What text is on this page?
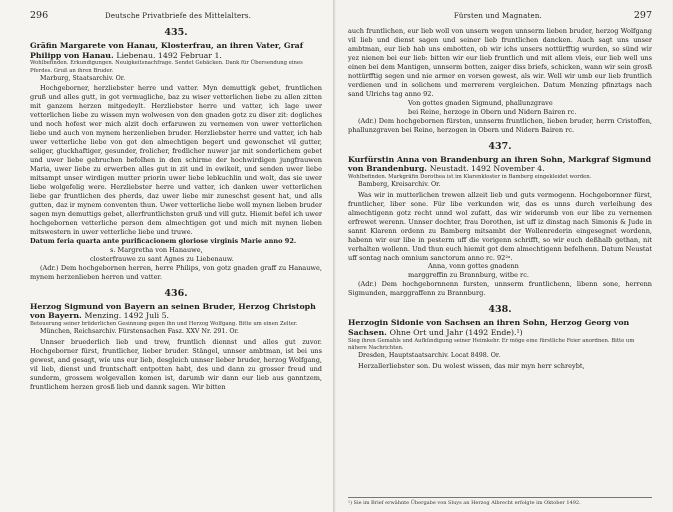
296	Deutsche Privatbriefe des Mittelalters.
435.

Gräfin Margarete von Hanau, Klosterfrau, an ihren Vater, Graf Philipp von Hanau. Liebenau. 1492 Februar 1.

Wohlbefinden. Erkundigungen. Neuigkeitsnachfrage. Sendet Gebäcken. Dank für Übersendung eines Pferdes. Gruß an ihren Bruder.

Marburg, Staatsarchiv. Or.

Hochgeborner, herzliebster herre und vatter. Myn demuttigk gebet, fruntlichen gruß und alles gutt, in got vermugliche, baz zu wiser vetterlichen liebe zu allen zitten mit ganzem herzen mitgedeylt. Herzliebster herre und vatter, ich lage uwer vetterlichen liebe zu wissen myn wolwesen von den gnaden gotz zu diser zit: dogliches und noch hofest wer mich alzit doch erfaruwen zu vernemen von uwer vetterlichen liebe und auch von mynem herzenlieben bruder. Herzliebster herre und vatter, ich hab uwer vetterliche liebe von got den almechtigen begert und gewonschet vil gutter, seliger, gluckhaftiger, gesunder, frolicher, fredlicher nuwer jar mit sonderlichem gebet und uwer liebe gebruchen befolhen in den schirme der hochwirdigen jungfrauwen Maria, uwer liebe zu erwerben alles gut in zit und in ewikeit, und senden uwer liebe mitsampt unser wirdigen mutter priorin uwer liebe lebkuchlin und wolt, das sie uwer liebe wolgefelig were. Herzliebster herre und vatter, ich danken uwer vetterlichen liebe gar fruntlichen des pherds, daz uwer liebe mir zuneschst gesent hat, und alls gutten, daz ir mynem conventen thun. Uwer vetterliche liebe woll mynen lieben bruder sagen myn demuttigs gebet, allerfruntlichsten gruß und vill gutz. Hiemit befel ich uwer hochgebornen vetterliche person dem almechtigen got und mich mit mynen lieben mitswestern in uwer vetterliche liebe und truwe.

Datum feria quarta ante purificacionem gloriose virginis Marie anno 92.

s. Margretha von Hanauwe,

closterfrauwe zu sant Agnes zu Liebenauw.

(Adr.) Dem hochgebornen herren, herre Philips, von gotz gnaden graff zu Hanauwe, mynem herzenlieben herren und vatter.

436.

Herzog Sigmund von Bayern an seinen Bruder, Herzog Christoph von Bayern. Menzing. 1492 Juli 5.

Beteuerung seiner brüderlichen Gesinnung gegen ihn und Herzog Wolfgang. Bitte um einen Zelter.

München, Reichsarchiv. Fürstensachen Fasz. XXV Nr. 291. Or.

Unnser bruederlich lieb und trew, fruntlich diennst und alles gut zuvor. Hochgeborner fürst, fruntlicher, lieber bruder. Stängel, unnser ambtman, ist bei uns gewest, and gesagt, wie uns eur lieb, desgleich unnser lieber bruder, herzog Wolfgang, vil lieb, dienst und fruntschaft entpotten habt, des und dann zu grosser freud und sunderm, grossem wolgevallen komen ist, darumb wir dann eur lieb aus ganntzem, fruntlichem herzen grosß lieb und dannk sagen. Wir bitten

Fürsten und Magnaten.	297

auch fruntlichen, eur lieb woll von unsern wegen unnserm lieben bruder, herzog Wolfgang vil lieb und dienst sagen und seiner lieb fruntlichen dancken. Auch sagt uns unser ambtman, eur lieb hab uns embotten, ob wir ichs unsers nottürfftig wurden, so sünd wir yez nienen bei eur lieb: bitten wir eur lieb fruntlich und mit allem vleis, eur lieb well uns einen bei dem Mantigen, unnserm botten, zaiger diss briefs, schicken, wann wir sein grosß nottürfftig segen und nie armer en vorsen gewest, als wir. Well wir umb eur lieb fruntlich verdienen und in solichem und merrerem vergleichen. Datum Menzing pfinztags nach sand Ulrichs tag anno 92.

Von gottes gnaden Sigmund, phallunzgrave

bei Reine, herzoge in Obern und Nidern Bairen rc.

(Adr.) Dem hochgebornen fürsten, unnserm fruntlichen, lieben bruder, herrn Cristoffen, phallunzgraven bei Reine, herzogen in Obern und Nidern Bairen rc.

437.

Kurfürstin Anna von Brandenburg an ihren Sohn, Markgraf Sigmund von Brandenburg. Neustadt. 1492 November 4.

Wohlbefinden. Markgräfin Dorothea ist im Klarenkloster in Bamberg eingekleidet worden.

Bamberg, Kreisarchiv. Or.

Was wir in mutterlichen trewen allzeit lieb und guts vermogenn. Hochgebornner fürst, fruntlicher, liber sone. Für libe verkunden wir, das es unns durch verleihung des almechtigenn gotz recht unnd wol zufatt, das wir widerumb von eur libe zu vernemen erfrewet werenn. Unnser dochter, frau Dorothen, ist uff iz dinstag nach Simonis & Jude in sannt Klarenn ordenn zu Bamberg mitsambt der Wollenrederin eingesegnet wordenn, habenn wir eur libe in pesterm uff die vorigenn schrifft, so wir euch deßhalb gethan, nit verhalten wollenn. Und thun euch hiemit got dem almechtigenn befelhenn. Datum Neustat uff sontag nach omnium sanctorum anno rc. 92²ᵃ.

Anna, vonn gottes gnadenn

marggreffin zu Brannburg, witbe rc.

(Adr.) Dem hochgebornnenn fursten, unnserm fruntlichenn, libenn sone, herrenn Sigmunden, marggraffenn zu Brannburg.

438.

Herzogin Sidonie von Sachsen an ihren Sohn, Herzog Georg von Sachsen. Ohne Ort und Jahr (1492 Ende).¹)

Sieg ihren Gemahls und Aufkündigung seiner Heimkehr. Er möge eine fürstliche Feier anordnen. Bitte um nähere Nachrichten.

Dresden, Hauptstaatsarchiv. Locat 8498. Or.

Herzallerliebster son. Du wolest wissen, das mir myn herr schreybt,

¹) Sie im Brief erwähnte Übergabe von Sluys an Herzog Albrecht erfolgte im Oktober 1492.
